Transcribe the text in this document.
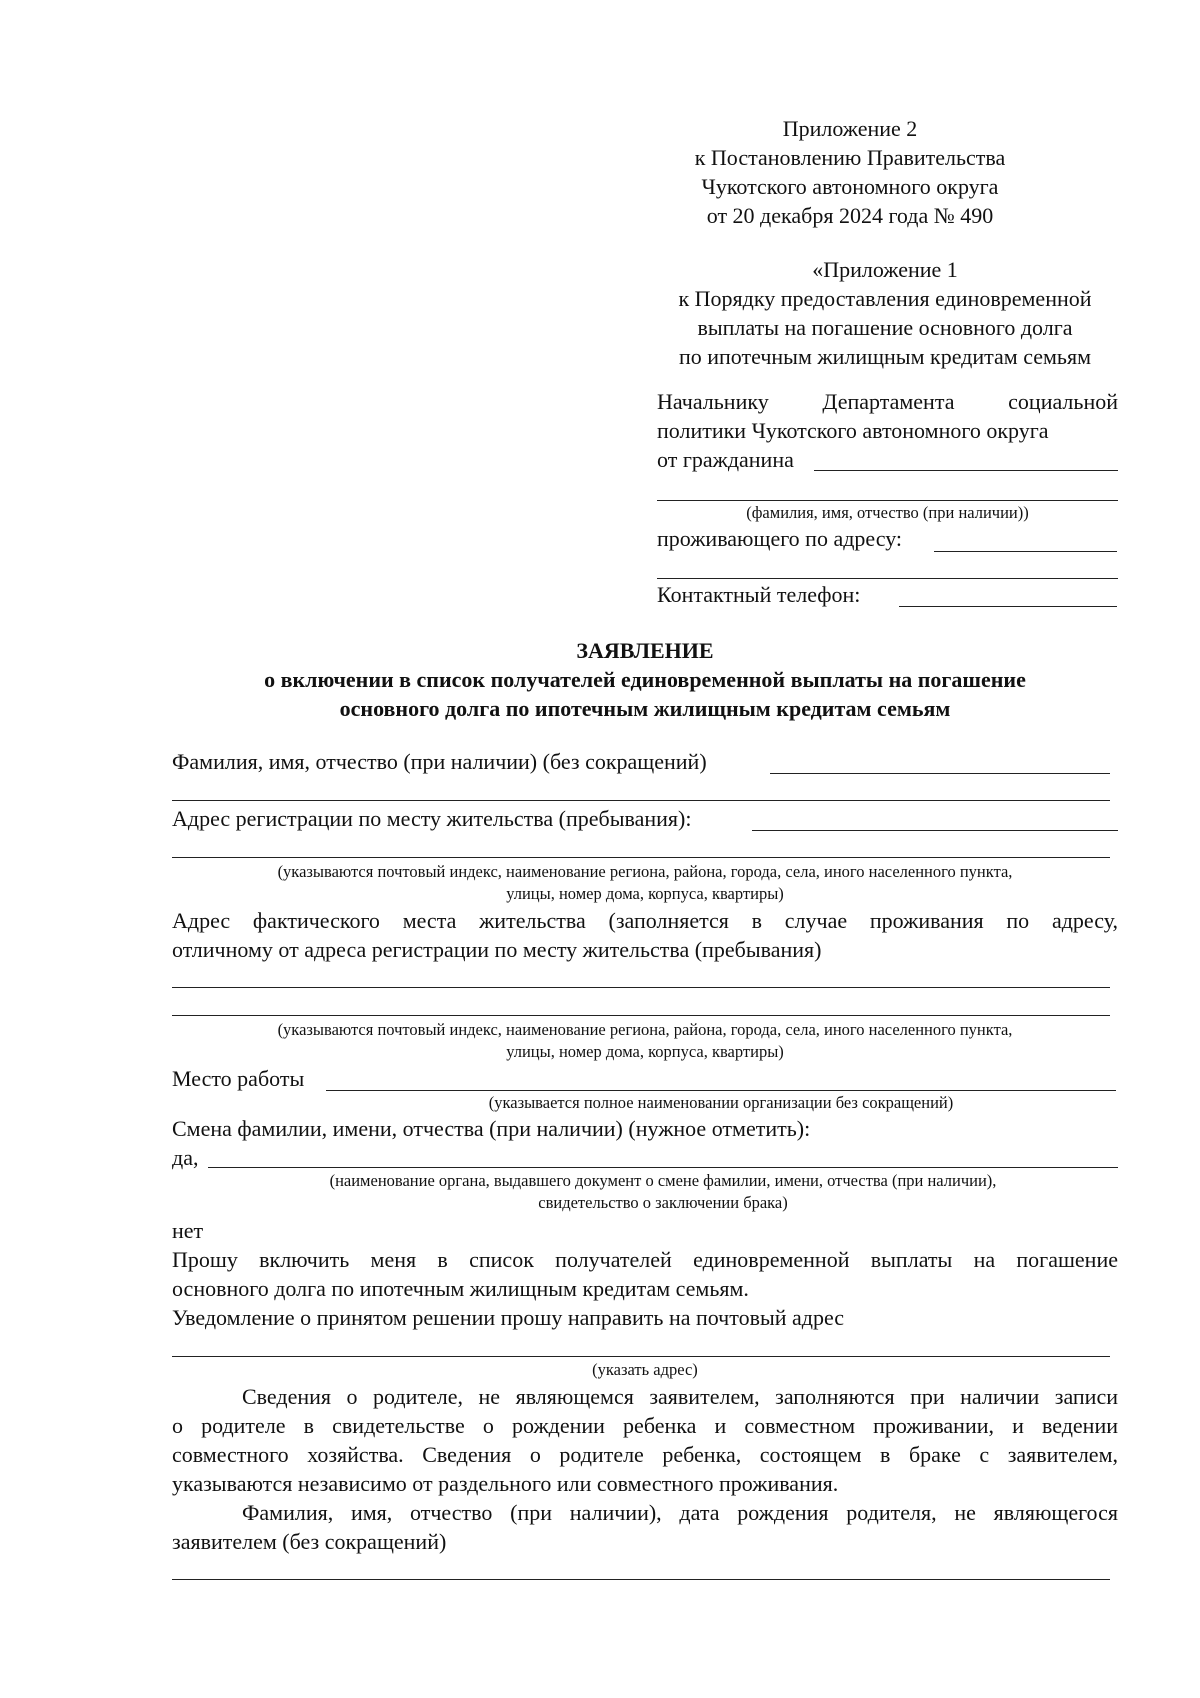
Приложение 2
к Постановлению Правительства
Чукотского автономного округа
от 20 декабря 2024 года № 490
«Приложение 1
к Порядку предоставления единовременной
выплаты на погашение основного долга
по ипотечным жилищным кредитам семьям
Начальнику Департамента социальной
политики Чукотского автономного округа
от гражданина
(фамилия, имя, отчество (при наличии))
проживающего по адресу:
Контактный телефон:
ЗАЯВЛЕНИЕ
о включении в список получателей единовременной выплаты на погашение
основного долга по ипотечным жилищным кредитам семьям
Фамилия, имя, отчество (при наличии) (без сокращений)
Адрес регистрации по месту жительства (пребывания):
(указываются почтовый индекс, наименование региона, района, города, села, иного населенного пункта,
улицы, номер дома, корпуса, квартиры)
Адрес фактического места жительства (заполняется в случае проживания по адресу,
отличному от адреса регистрации по месту жительства (пребывания)
(указываются почтовый индекс, наименование региона, района, города, села, иного населенного пункта,
улицы, номер дома, корпуса, квартиры)
Место работы
(указывается полное наименовании организации без сокращений)
Смена фамилии, имени, отчества (при наличии) (нужное отметить):
да,
(наименование органа, выдавшего документ о смене фамилии, имени, отчества (при наличии),
свидетельство о заключении брака)
нет
Прошу включить меня в список получателей единовременной выплаты на погашение
основного долга по ипотечным жилищным кредитам семьям.
Уведомление о принятом решении прошу направить на почтовый адрес
(указать адрес)
Сведения о родителе, не являющемся заявителем, заполняются при наличии записи
о родителе в свидетельстве о рождении ребенка и совместном проживании, и ведении
совместного хозяйства. Сведения о родителе ребенка, состоящем в браке с заявителем,
указываются независимо от раздельного или совместного проживания.
Фамилия, имя, отчество (при наличии), дата рождения родителя, не являющегося
заявителем (без сокращений)
